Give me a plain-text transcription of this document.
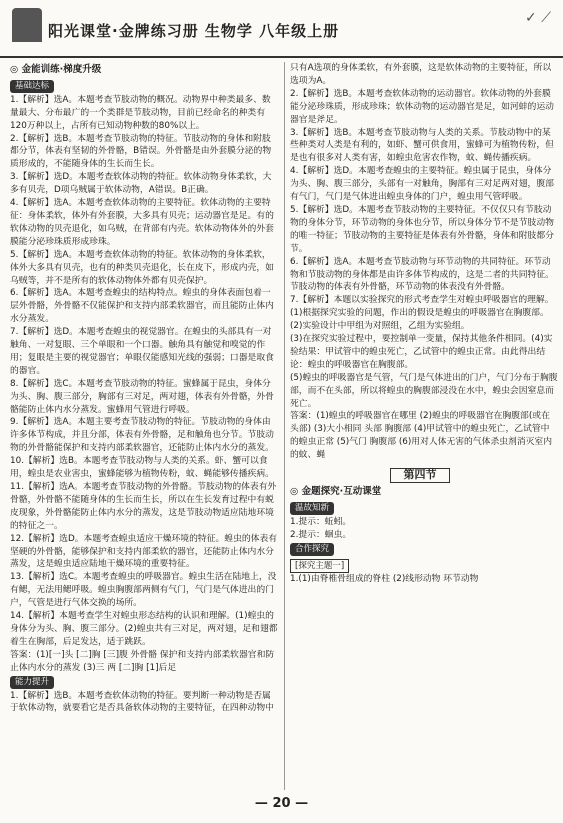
阳光课堂·金牌练习册 生物学 八年级上册
✓ ⟋
◎ 金能训练·梯度升级
基础达标
1.【解析】选A。本题考查节肢动物的概况。动物界中种类最多、数量最大、分布最广的一个类群是节肢动物，目前已经命名的种类有120万种以上，占所有已知动物种数的80%以上。
2.【解析】选B。本题考查节肢动物的特征。节肢动物的身体和附肢都分节，体表有坚韧的外骨骼，B错误。外骨骼是由外套膜分泌的物质形成的，不能随身体的生长而生长。
3.【解析】选D。本题考查软体动物的特征。软体动物身体柔软，大多有贝壳，D项乌贼属于软体动物，A错误。B正确。
4.【解析】选A。本题考查软体动物的主要特征。软体动物的主要特征：身体柔软，体外有外套膜，大多具有贝壳；运动器官是足。有的软体动物的贝壳退化，如乌贼，在背部有内壳。软体动物体外的外套膜能分泌珍珠质形成珍珠。
5.【解析】选A。本题考查软体动物的特征。软体动物的身体柔软，体外大多具有贝壳，也有的种类贝壳退化，长在皮下，形成内壳，如乌贼等，并不是所有的软体动物体外都有贝壳保护。
6.【解析】选A。本题考查蝗虫的结构特点。蝗虫的身体表面包着一层外骨骼，外骨骼不仅能保护和支持内部柔软器官，而且能防止体内水分蒸发。
7.【解析】选D。本题考查蝗虫的视觉器官。在蝗虫的头部具有一对触角、一对复眼、三个单眼和一个口器。触角具有触觉和嗅觉的作用；复眼是主要的视觉器官；单眼仅能感知光线的强弱；口器是取食的器官。
8.【解析】选C。本题考查节肢动物的特征。蜜蜂属于昆虫，身体分为头、胸、腹三部分，胸部有三对足，两对翅，体表有外骨骼，外骨骼能防止体内水分蒸发。蜜蜂用气管进行呼吸。
9.【解析】选A。本题主要考查节肢动物的特征。节肢动物的身体由许多体节构成，并且分部，体表有外骨骼，足和触角也分节。节肢动物的外骨骼能保护和支持内部柔软器官，还能防止体内水分的蒸发。
10.【解析】选B。本题考查节肢动物与人类的关系。虾、蟹可以食用，蝗虫是农业害虫，蜜蜂能够为植物传粉，蚊、蝇能够传播疾病。
11.【解析】选A。本题考查节肢动物的外骨骼。节肢动物的体表有外骨骼，外骨骼不能随身体的生长而生长，所以在生长发育过程中有蜕皮现象，外骨骼能防止体内水分的蒸发，这是节肢动物适应陆地环境的特征之一。
12.【解析】选D。本题考查蝗虫适应干燥环境的特征。蝗虫的体表有坚硬的外骨骼，能够保护和支持内部柔软的器官，还能防止体内水分蒸发，这是蝗虫适应陆地干燥环境的重要特征。
13.【解析】选C。本题考查蝗虫的呼吸器官。蝗虫生活在陆地上，没有鳃，无法用鳃呼吸。蝗虫胸腹部两侧有气门，气门是气体进出的门户，气管是进行气体交换的场所。
14.【解析】本题考查学生对蝗虫形态结构的认识和理解。(1)蝗虫的身体分为头、胸、腹三部分。(2)蝗虫共有三对足，两对翅，足和翅都着生在胸部，后足发达，适于跳跃。
答案：(1)[一]头 [二]胸 [三]腹 外骨骼 保护和支持内部柔软器官和防止体内水分的蒸发 (3)三 两 [二]胸 [1]后足
能力提升
1.【解析】选B。本题考查软体动物的特征。要判断一种动物是否属于软体动物，就要看它是否具备软体动物的主要特征，在四种动物中
只有A选项的身体柔软，有外套膜，这是软体动物的主要特征，所以选项为A。
2.【解析】选B。本题考查软体动物的运动器官。软体动物的外套膜能分泌珍珠质，形成珍珠；软体动物的运动器官是足，如河蚌的运动器官是斧足。
3.【解析】选B。本题考查节肢动物与人类的关系。节肢动物中的某些种类对人类是有利的，如虾、蟹可供食用，蜜蜂可为植物传粉，但是也有很多对人类有害，如蝗虫危害农作物，蚊、蝇传播疾病。
4.【解析】选D。本题考查蝗虫的主要特征。蝗虫属于昆虫，身体分为头、胸、腹三部分，头部有一对触角，胸部有三对足两对翅，腹部有气门，气门是气体进出蝗虫身体的门户，蝗虫用气管呼吸。
5.【解析】选D。本题考查节肢动物的主要特征。不仅仅只有节肢动物的身体分节，环节动物的身体也分节，所以身体分节不是节肢动物的唯一特征；节肢动物的主要特征是体表有外骨骼，身体和附肢都分节。
6.【解析】选A。本题考查节肢动物与环节动物的共同特征。环节动物和节肢动物的身体都是由许多体节构成的，这是二者的共同特征。节肢动物的体表有外骨骼，环节动物的体表没有外骨骼。
7.【解析】本题以实验探究的形式考查学生对蝗虫呼吸器官的理解。(1)根据探究实验的问题，作出的假设是蝗虫的呼吸器官在胸腹部。(2)实验设计中甲组为对照组，乙组为实验组。
(3)在探究实验过程中，要控制单一变量，保持其他条件相同。(4)实验结果：甲试管中的蝗虫死亡，乙试管中的蝗虫正常。由此得出结论：蝗虫的呼吸器官在胸腹部。
(5)蝗虫的呼吸器官是气管，气门是气体进出的门户，气门分布于胸腹部，而不在头部，所以将蝗虫的胸腹部浸没在水中，蝗虫会因窒息而死亡。
答案：(1)蝗虫的呼吸器官在哪里 (2)蝗虫的呼吸器官在胸腹部(或在头部) (3)大小相同 头部 胸腹部 (4)甲试管中的蝗虫死亡，乙试管中的蝗虫正常 (5)气门 胸腹部 (6)用对人体无害的气体杀虫剂消灭室内的蚊、蝇
第四节
◎ 金题探究·互动课堂
温故知新
1.提示：蚯蚓。
2.提示：蛔虫。
合作探究
[探究主题一]
1.(1)由脊椎骨组成的脊柱 (2)线形动物 环节动物
— 20 —
